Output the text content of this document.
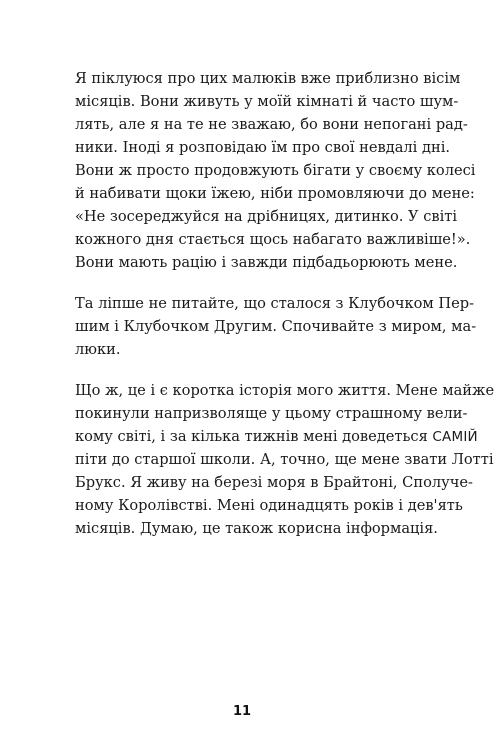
Я піклуюся про цих малюків вже приблизно вісім
місяців. Вони живуть у моїй кімнаті й часто шум-
лять, але я на те не зважаю, бо вони непогані рад-
ники. Іноді я розповідаю їм про свої невдалі дні.
Вони ж просто продовжують бігати у своєму колесі
й набивати щоки їжею, ніби промовляючи до мене:
«Не зосереджуйся на дрібницях, дитинко. У світі
кожного дня стається щось набагато важливіше!».
Вони мають рацію і завжди підбадьорюють мене.
Та ліпше не питайте, що сталося з Клубочком Пер-
шим і Клубочком Другим. Спочивайте з миром, ма-
люки.
Що ж, це і є коротка історія мого життя. Мене майже
покинули напризволяще у цьому страшному вели-
кому світі, і за кілька тижнів мені доведеться САМІЙ
піти до старшої школи. А, точно, ще мене звати Лотті
Брукс. Я живу на березі моря в Брайтоні, Сполуче-
ному Королівстві. Мені одинадцять років і дев'ять
місяців. Думаю, це також корисна інформація.
11
